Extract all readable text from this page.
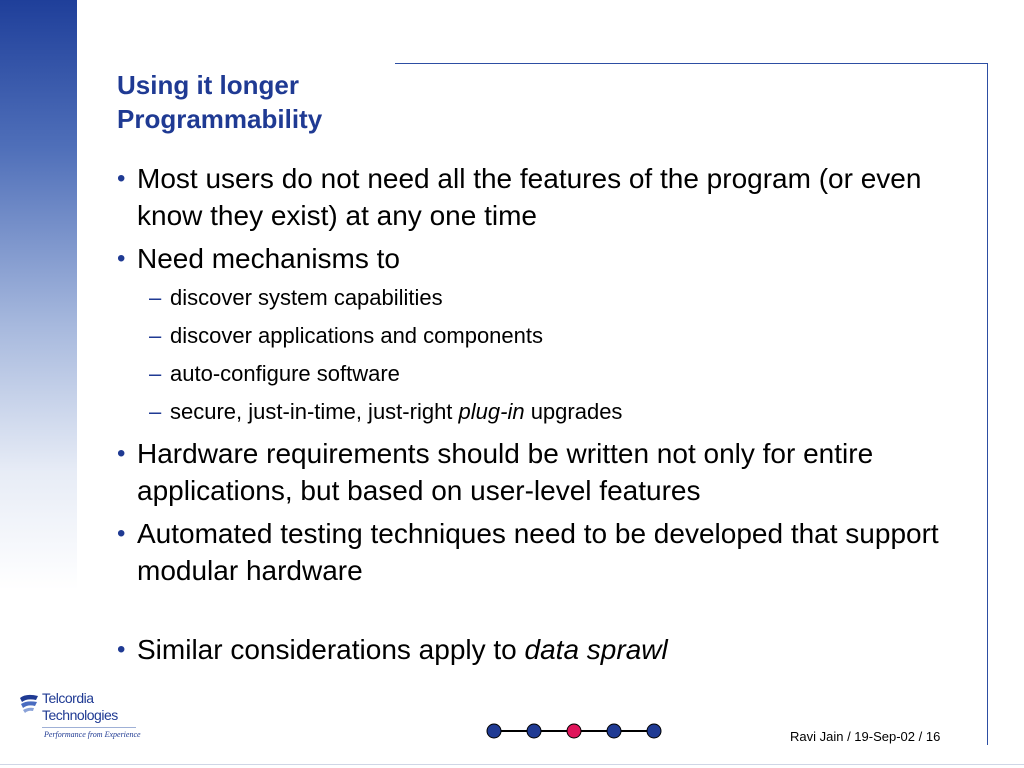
Using it longer
Programmability
• Most users do not need all the features of the program (or even know they exist) at any one time
• Need mechanisms to
– discover system capabilities
– discover applications and components
– auto-configure software
– secure, just-in-time, just-right plug-in upgrades
• Hardware requirements should be written not only for entire applications, but based on user-level features
• Automated testing techniques need to be developed that support modular hardware
• Similar considerations apply to data sprawl
Telcordia
Technologies
Performance from Experience	Ravi Jain / 19-Sep-02 / 16
